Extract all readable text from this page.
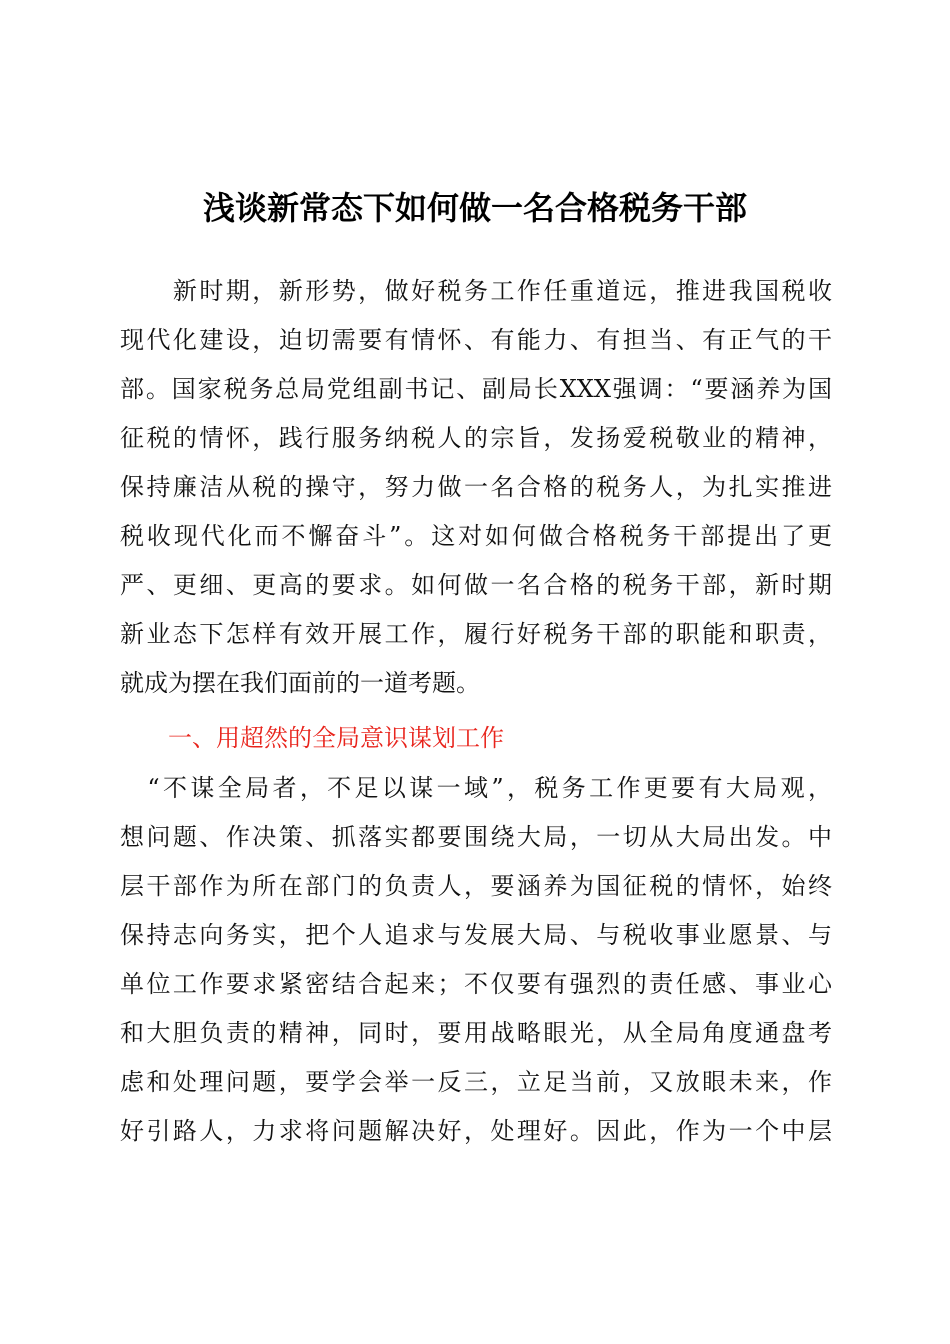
浅谈新常态下如何做一名合格税务干部
　　新时期，新形势，做好税务工作任重道远，推进我国税收
现代化建设，迫切需要有情怀、有能力、有担当、有正气的干
部。国家税务总局党组副书记、副局长XXX强调：“要涵养为国
征税的情怀，践行服务纳税人的宗旨，发扬爱税敬业的精神，
保持廉洁从税的操守，努力做一名合格的税务人，为扎实推进
税收现代化而不懈奋斗”。这对如何做合格税务干部提出了更
严、更细、更高的要求。如何做一名合格的税务干部，新时期
新业态下怎样有效开展工作，履行好税务干部的职能和职责，
就成为摆在我们面前的一道考题。
一、用超然的全局意识谋划工作
　“不谋全局者，不足以谋一域”，税务工作更要有大局观，
想问题、作决策、抓落实都要围绕大局，一切从大局出发。中
层干部作为所在部门的负责人，要涵养为国征税的情怀，始终
保持志向务实，把个人追求与发展大局、与税收事业愿景、与
单位工作要求紧密结合起来；不仅要有强烈的责任感、事业心
和大胆负责的精神，同时，要用战略眼光，从全局角度通盘考
虑和处理问题，要学会举一反三，立足当前，又放眼未来，作
好引路人，力求将问题解决好，处理好。因此，作为一个中层
